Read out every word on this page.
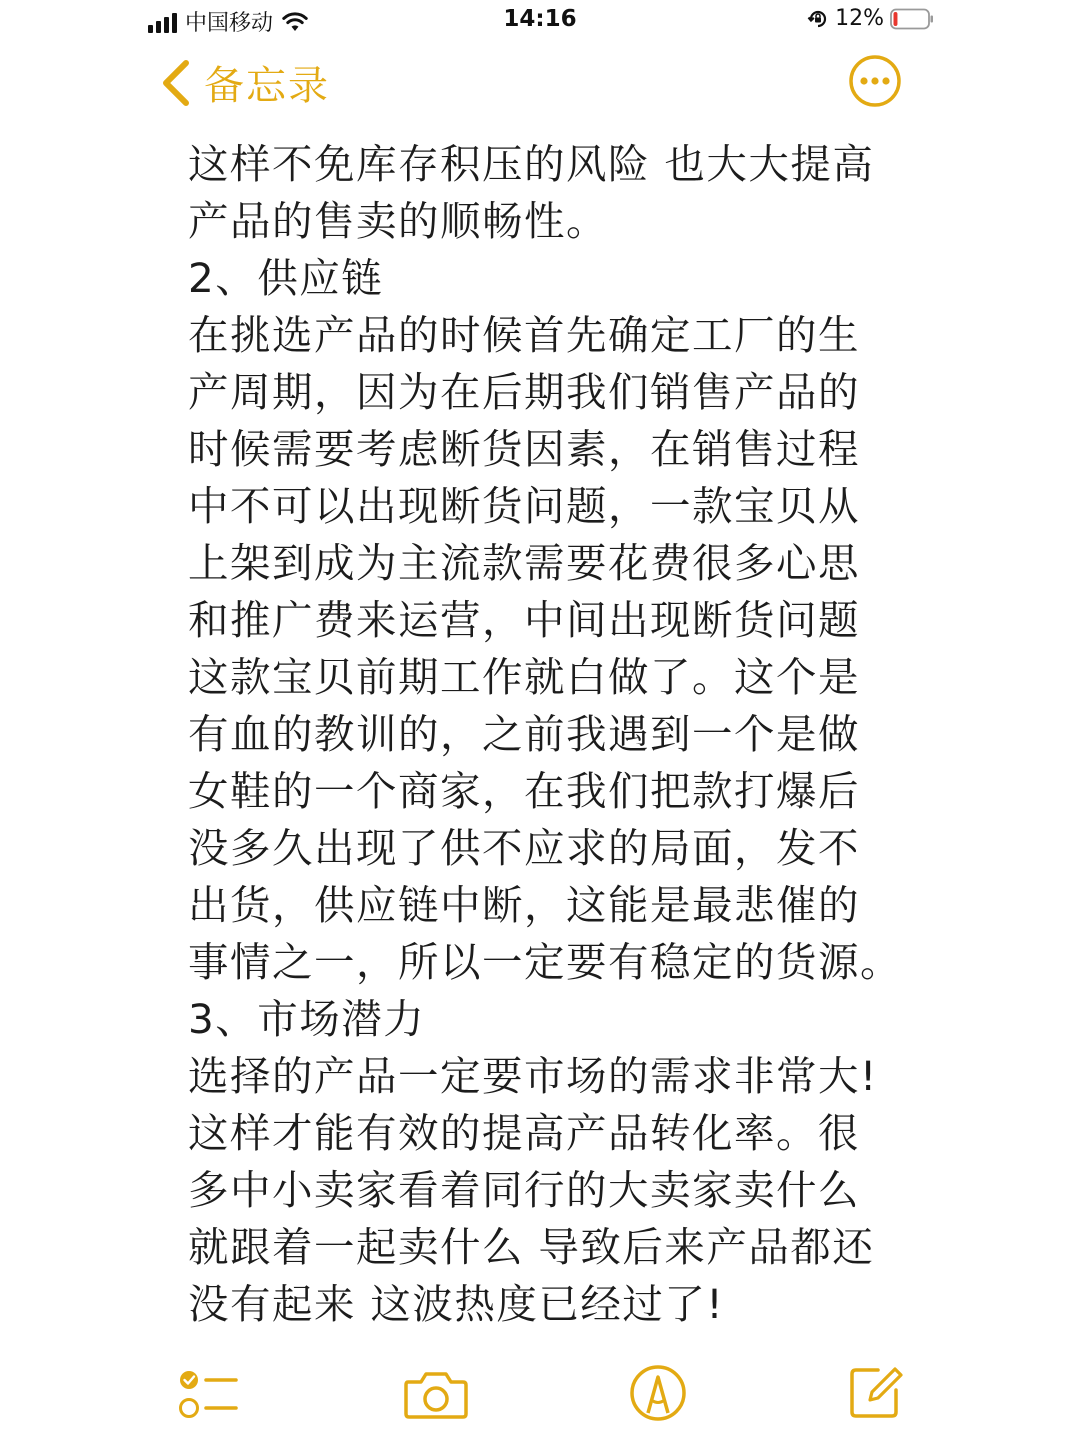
中国移动	14:16	12%
备忘录
这样不免库存积压的风险 也大大提高
产品的售卖的顺畅性。
2、供应链
在挑选产品的时候首先确定工厂的生
产周期，因为在后期我们销售产品的
时候需要考虑断货因素，在销售过程
中不可以出现断货问题，一款宝贝从
上架到成为主流款需要花费很多心思
和推广费来运营，中间出现断货问题
这款宝贝前期工作就白做了。这个是
有血的教训的，之前我遇到一个是做
女鞋的一个商家，在我们把款打爆后
没多久出现了供不应求的局面，发不
出货，供应链中断，这能是最悲催的
事情之一，所以一定要有稳定的货源。
3、市场潜力
选择的产品一定要市场的需求非常大!
这样才能有效的提高产品转化率。很
多中小卖家看着同行的大卖家卖什么
就跟着一起卖什么 导致后来产品都还
没有起来 这波热度已经过了!
